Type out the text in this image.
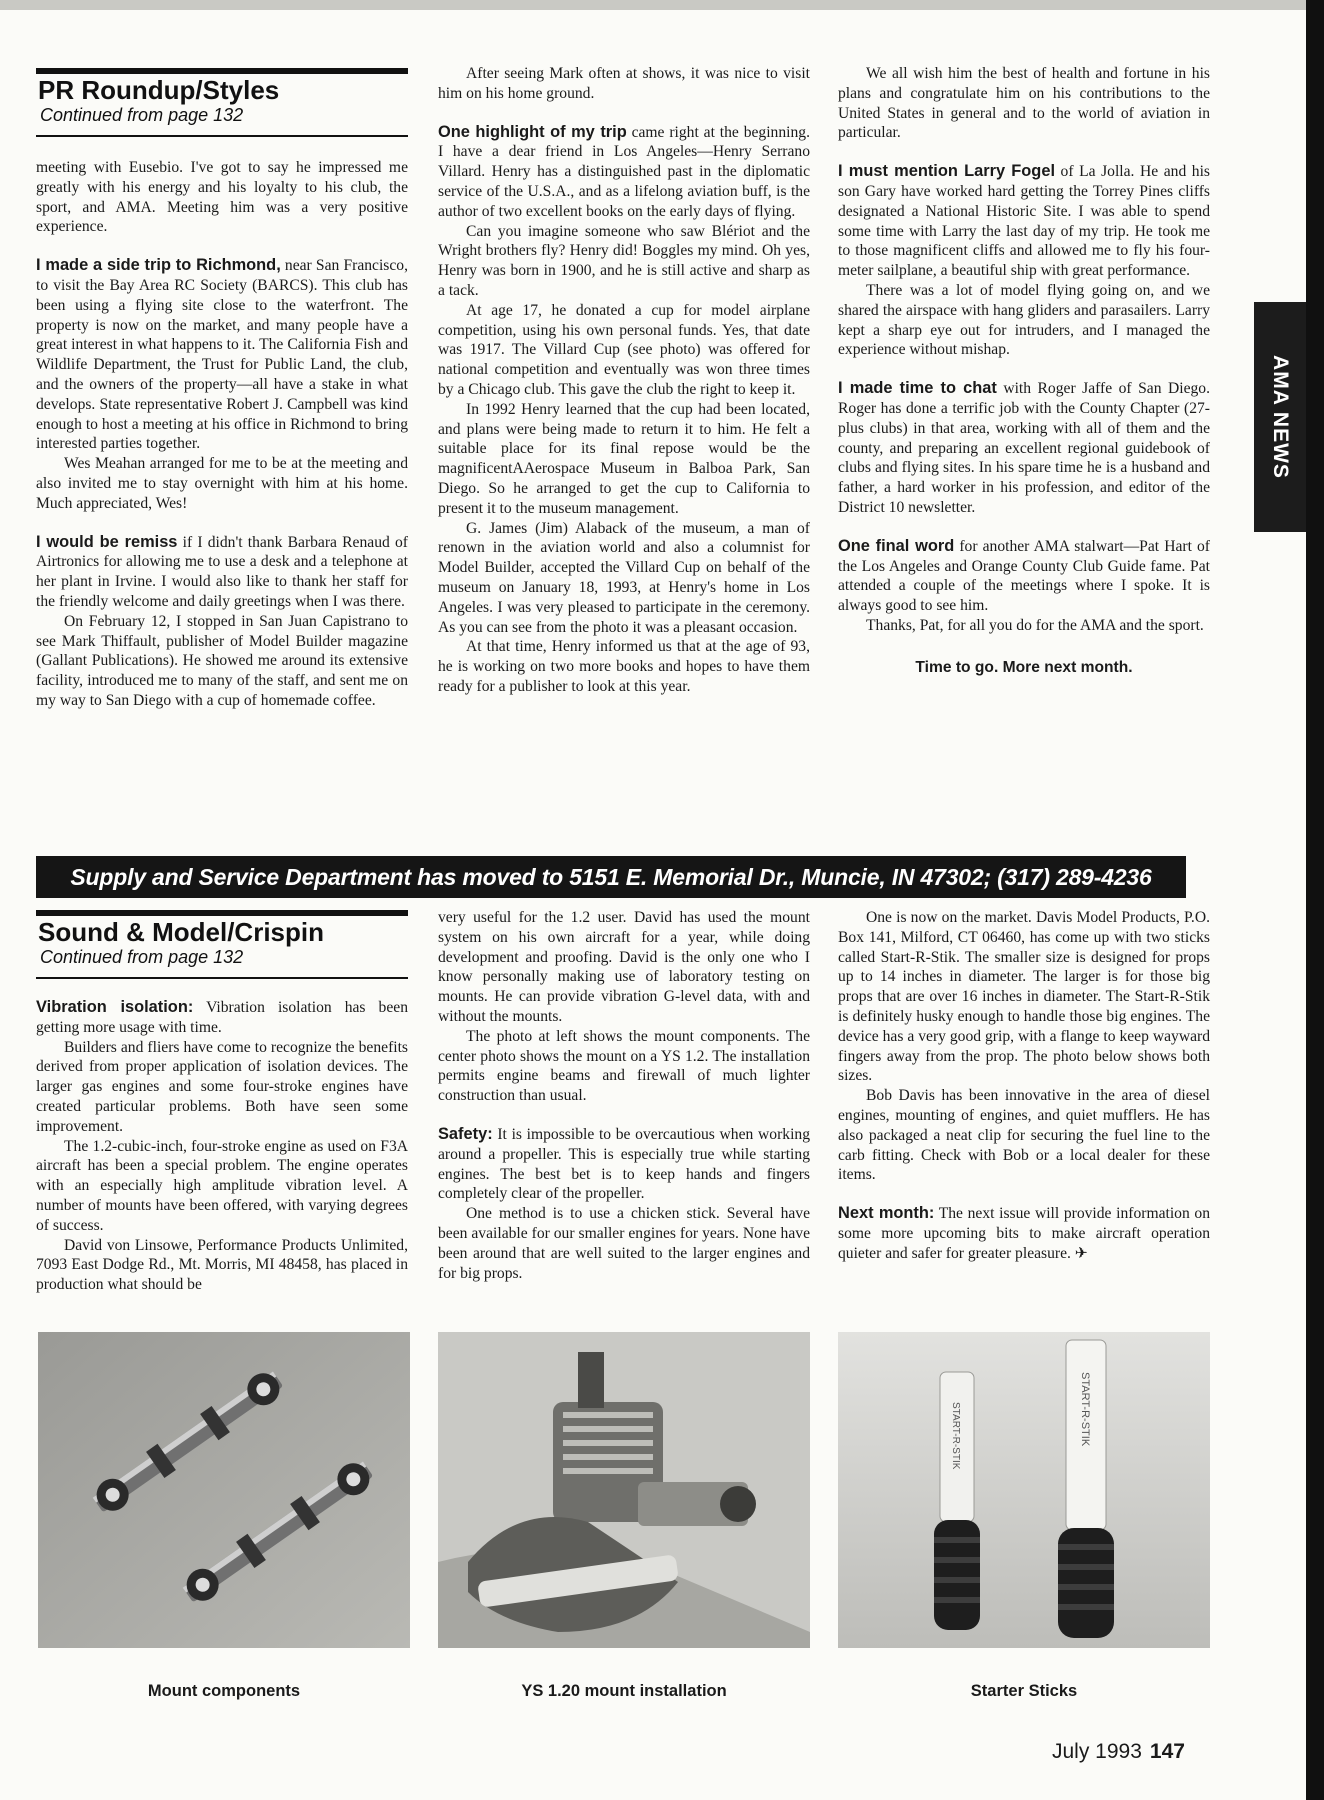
PR Roundup/Styles
Continued from page 132

meeting with Eusebio. I've got to say he impressed me greatly with his energy and his loyalty to his club, the sport, and AMA. Meeting him was a very positive experience.

I made a side trip to Richmond, near San Francisco, to visit the Bay Area RC Society (BARCS). This club has been using a flying site close to the waterfront. The property is now on the market, and many people have a great interest in what happens to it. The California Fish and Wildlife Department, the Trust for Public Land, the club, and the owners of the property—all have a stake in what develops. State representative Robert J. Campbell was kind enough to host a meeting at his office in Richmond to bring interested parties together.

Wes Meahan arranged for me to be at the meeting and also invited me to stay overnight with him at his home. Much appreciated, Wes!

I would be remiss if I didn't thank Barbara Renaud of Airtronics for allowing me to use a desk and a telephone at her plant in Irvine. I would also like to thank her staff for the friendly welcome and daily greetings when I was there.

On February 12, I stopped in San Juan Capistrano to see Mark Thiffault, publisher of Model Builder magazine (Gallant Publications). He showed me around its extensive facility, introduced me to many of the staff, and sent me on my way to San Diego with a cup of homemade coffee.

After seeing Mark often at shows, it was nice to visit him on his home ground.

One highlight of my trip came right at the beginning. I have a dear friend in Los Angeles—Henry Serrano Villard. Henry has a distinguished past in the diplomatic service of the U.S.A., and as a lifelong aviation buff, is the author of two excellent books on the early days of flying.

Can you imagine someone who saw Blériot and the Wright brothers fly? Henry did! Boggles my mind. Oh yes, Henry was born in 1900, and he is still active and sharp as a tack.

At age 17, he donated a cup for model airplane competition, using his own personal funds. Yes, that date was 1917. The Villard Cup (see photo) was offered for national competition and eventually was won three times by a Chicago club. This gave the club the right to keep it.

In 1992 Henry learned that the cup had been located, and plans were being made to return it to him. He felt a suitable place for its final repose would be the magnificentAAerospace Museum in Balboa Park, San Diego. So he arranged to get the cup to California to present it to the museum management.

G. James (Jim) Alaback of the museum, a man of renown in the aviation world and also a columnist for Model Builder, accepted the Villard Cup on behalf of the museum on January 18, 1993, at Henry's home in Los Angeles. I was very pleased to participate in the ceremony. As you can see from the photo it was a pleasant occasion.

At that time, Henry informed us that at the age of 93, he is working on two more books and hopes to have them ready for a publisher to look at this year.

We all wish him the best of health and fortune in his plans and congratulate him on his contributions to the United States in general and to the world of aviation in particular.

I must mention Larry Fogel of La Jolla. He and his son Gary have worked hard getting the Torrey Pines cliffs designated a National Historic Site. I was able to spend some time with Larry the last day of my trip. He took me to those magnificent cliffs and allowed me to fly his four-meter sailplane, a beautiful ship with great performance.

There was a lot of model flying going on, and we shared the airspace with hang gliders and parasailers. Larry kept a sharp eye out for intruders, and I managed the experience without mishap.

I made time to chat with Roger Jaffe of San Diego. Roger has done a terrific job with the County Chapter (27-plus clubs) in that area, working with all of them and the county, and preparing an excellent regional guidebook of clubs and flying sites. In his spare time he is a husband and father, a hard worker in his profession, and editor of the District 10 newsletter.

One final word for another AMA stalwart—Pat Hart of the Los Angeles and Orange County Club Guide fame. Pat attended a couple of the meetings where I spoke. It is always good to see him.

Thanks, Pat, for all you do for the AMA and the sport.

Time to go. More next month.
AMA NEWS
Supply and Service Department has moved to 5151 E. Memorial Dr., Muncie, IN 47302; (317) 289-4236
Sound & Model/Crispin
Continued from page 132

Vibration isolation: Vibration isolation has been getting more usage with time.

Builders and fliers have come to recognize the benefits derived from proper application of isolation devices. The larger gas engines and some four-stroke engines have created particular problems. Both have seen some improvement.

The 1.2-cubic-inch, four-stroke engine as used on F3A aircraft has been a special problem. The engine operates with an especially high amplitude vibration level. A number of mounts have been offered, with varying degrees of success.

David von Linsowe, Performance Products Unlimited, 7093 East Dodge Rd., Mt. Morris, MI 48458, has placed in production what should be

very useful for the 1.2 user. David has used the mount system on his own aircraft for a year, while doing development and proofing. David is the only one who I know personally making use of laboratory testing on mounts. He can provide vibration G-level data, with and without the mounts.

The photo at left shows the mount components. The center photo shows the mount on a YS 1.2. The installation permits engine beams and firewall of much lighter construction than usual.

Safety: It is impossible to be overcautious when working around a propeller. This is especially true while starting engines. The best bet is to keep hands and fingers completely clear of the propeller.

One method is to use a chicken stick. Several have been available for our smaller engines for years. None have been around that are well suited to the larger engines and for big props.

One is now on the market. Davis Model Products, P.O. Box 141, Milford, CT 06460, has come up with two sticks called Start-R-Stik. The smaller size is designed for props up to 14 inches in diameter. The larger is for those big props that are over 16 inches in diameter. The Start-R-Stik is definitely husky enough to handle those big engines. The device has a very good grip, with a flange to keep wayward fingers away from the prop. The photo below shows both sizes.

Bob Davis has been innovative in the area of diesel engines, mounting of engines, and quiet mufflers. He has also packaged a neat clip for securing the fuel line to the carb fitting. Check with Bob or a local dealer for these items.

Next month: The next issue will provide information on some more upcoming bits to make aircraft operation quieter and safer for greater pleasure. ✈

START-R-STIK	START-R-STIK
Mount components	YS 1.20 mount installation	Starter Sticks
July 1993 147
